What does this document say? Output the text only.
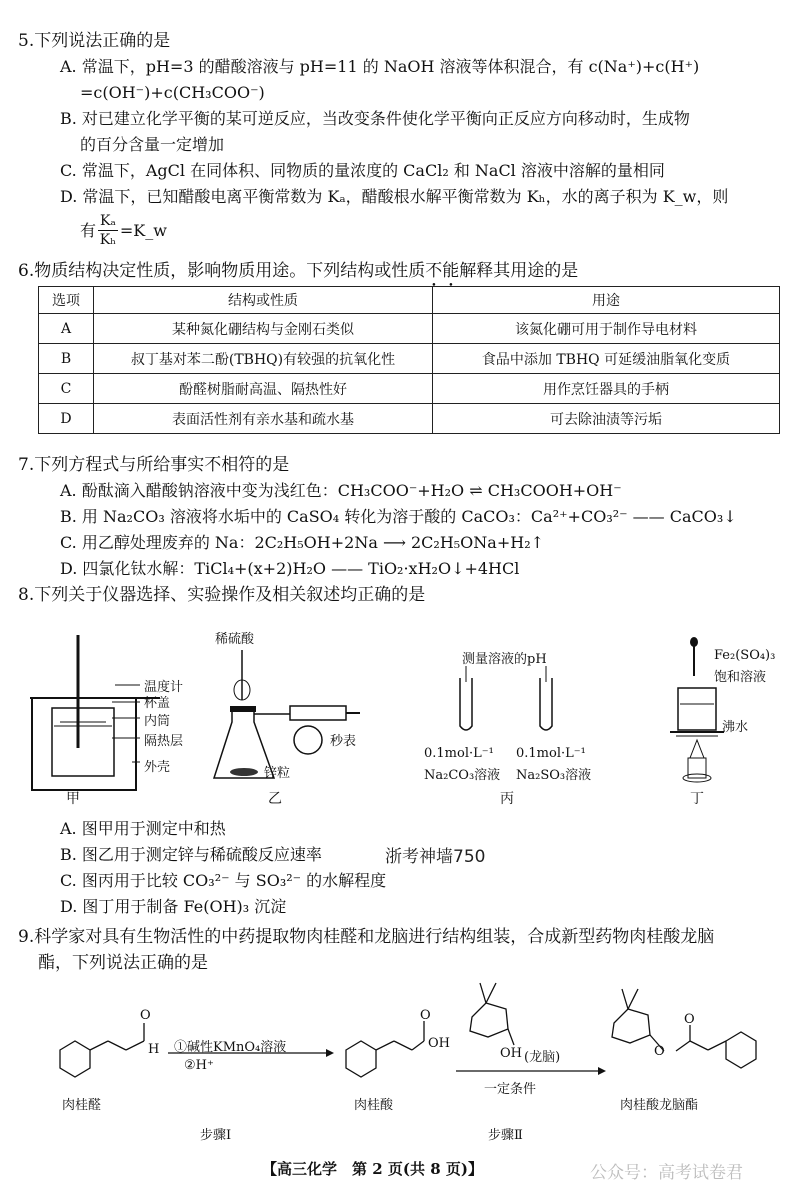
5.下列说法正确的是
A. 常温下，pH=3 的醋酸溶液与 pH=11 的 NaOH 溶液等体积混合，有 c(Na⁺)+c(H⁺)
=c(OH⁻)+c(CH₃COO⁻)
B. 对已建立化学平衡的某可逆反应，当改变条件使化学平衡向正反应方向移动时，生成物
的百分含量一定增加
C. 常温下，AgCl 在同体积、同物质的量浓度的 CaCl₂ 和 NaCl 溶液中溶解的量相同
D. 常温下，已知醋酸电离平衡常数为 Kₐ，醋酸根水解平衡常数为 Kₕ，水的离子积为 K_w，则
有 $\frac{\text{Kₐ}}{\text{Kₕ}}$ =K_w
6.物质结构决定性质，影响物质用途。下列结构或性质不能解释其用途的是
选项	结构或性质	用途
A	某种氮化硼结构与金刚石类似	该氮化硼可用于制作导电材料
B	叔丁基对苯二酚(TBHQ)有较强的抗氧化性	食品中添加 TBHQ 可延缓油脂氧化变质
C	酚醛树脂耐高温、隔热性好	用作烹饪器具的手柄
D	表面活性剂有亲水基和疏水基	可去除油渍等污垢
7.下列方程式与所给事实不相符的是
A. 酚酞滴入醋酸钠溶液中变为浅红色：CH₃COO⁻+H₂O ⇌ CH₃COOH+OH⁻
B. 用 Na₂CO₃ 溶液将水垢中的 CaSO₄ 转化为溶于酸的 CaCO₃：Ca²⁺+CO₃²⁻ —— CaCO₃↓
C. 用乙醇处理废弃的 Na：2C₂H₅OH+2Na ⟶ 2C₂H₅ONa+H₂↑
D. 四氯化钛水解：TiCl₄+(x+2)H₂O —— TiO₂·xH₂O↓+4HCl
8.下列关于仪器选择、实验操作及相关叙述均正确的是
温度计
杯盖
内筒
隔热层
外壳
甲
稀硫酸
秒表
锌粒
乙
测量溶液的pH
0.1mol·L⁻¹
Na₂CO₃溶液
0.1mol·L⁻¹
Na₂SO₃溶液
丙
Fe₂(SO₄)₃
饱和溶液
沸水
丁
A. 图甲用于测定中和热
B. 图乙用于测定锌与稀硫酸反应速率	浙考神墙750
C. 图丙用于比较 CO₃²⁻ 与 SO₃²⁻ 的水解程度
D. 图丁用于制备 Fe(OH)₃ 沉淀
9.科学家对具有生物活性的中药提取物肉桂醛和龙脑进行结构组装，合成新型药物肉桂酸龙脑
酯，下列说法正确的是
O
H
O
OH
OH (龙脑)	O
O
①碱性KMnO₄溶液
②H⁺
一定条件
肉桂醛	肉桂酸	肉桂酸龙脑酯
步骤Ⅰ	步骤Ⅱ
【高三化学　第 2 页(共 8 页)】	公众号：高考试卷君
